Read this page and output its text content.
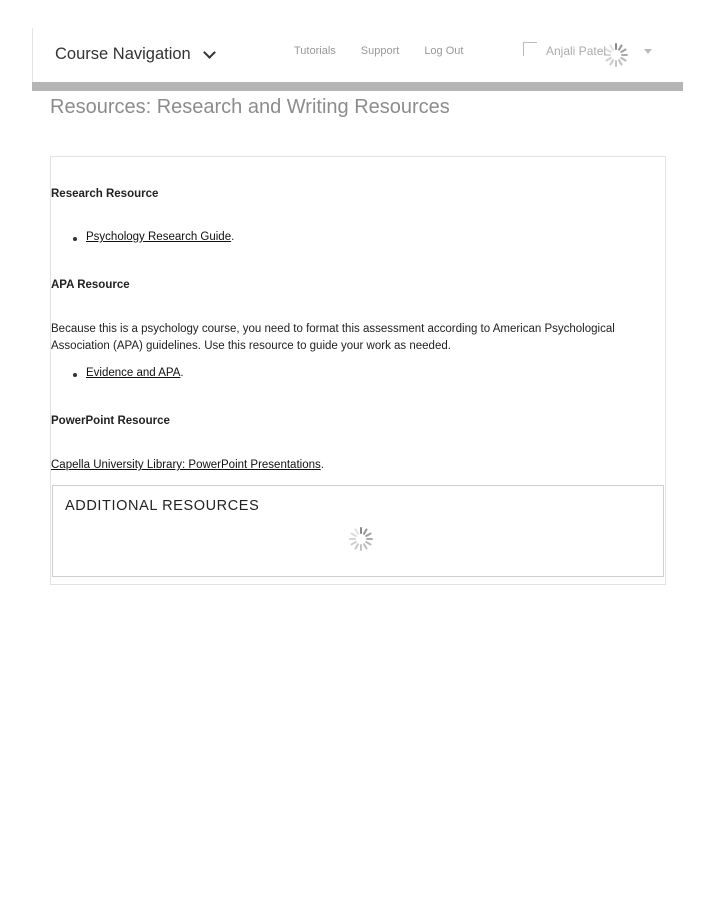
Course Navigation	Tutorials Support Log Out	Anjali Patel
Resources: Research and Writing Resources
Research Resource
Psychology Research Guide.
APA Resource

Because this is a psychology course, you need to format this assessment according to American Psychological Association (APA) guidelines. Use this resource to guide your work as needed.

Evidence and APA.
PowerPoint Resource

Capella University Library: PowerPoint Presentations.

ADDITIONAL RESOURCES
